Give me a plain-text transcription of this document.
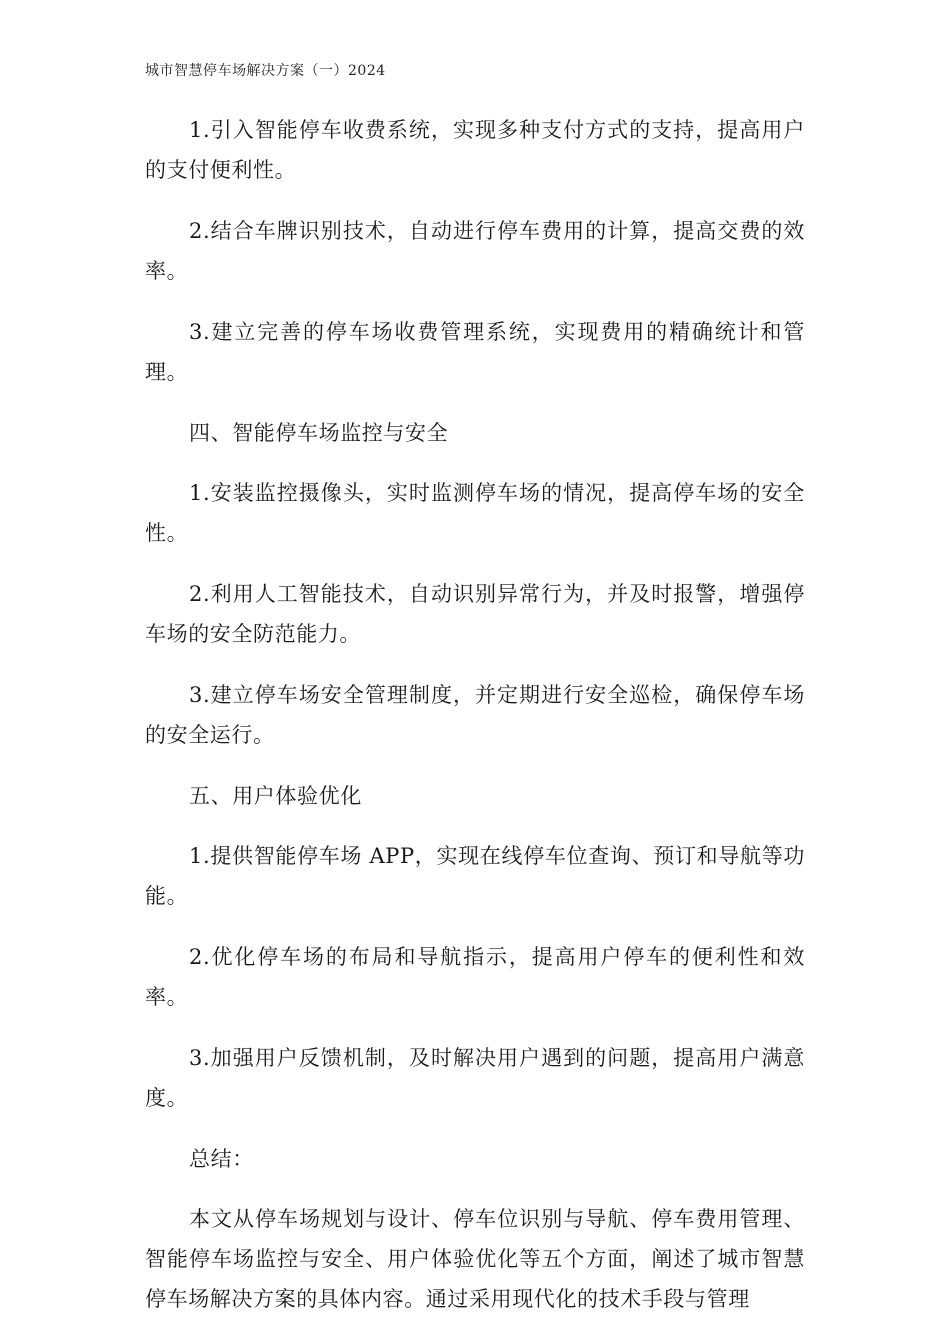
城市智慧停车场解决方案（一）2024

1.引入智能停车收费系统，实现多种支付方式的支持，提高用户的支付便利性。

2.结合车牌识别技术，自动进行停车费用的计算，提高交费的效率。

3.建立完善的停车场收费管理系统，实现费用的精确统计和管理。

四、智能停车场监控与安全

1.安装监控摄像头，实时监测停车场的情况，提高停车场的安全性。

2.利用人工智能技术，自动识别异常行为，并及时报警，增强停车场的安全防范能力。

3.建立停车场安全管理制度，并定期进行安全巡检，确保停车场的安全运行。

五、用户体验优化

1.提供智能停车场 APP，实现在线停车位查询、预订和导航等功能。

2.优化停车场的布局和导航指示，提高用户停车的便利性和效率。

3.加强用户反馈机制，及时解决用户遇到的问题，提高用户满意度。

总结：

本文从停车场规划与设计、停车位识别与导航、停车费用管理、智能停车场监控与安全、用户体验优化等五个方面，阐述了城市智慧停车场解决方案的具体内容。通过采用现代化的技术手段与管理
